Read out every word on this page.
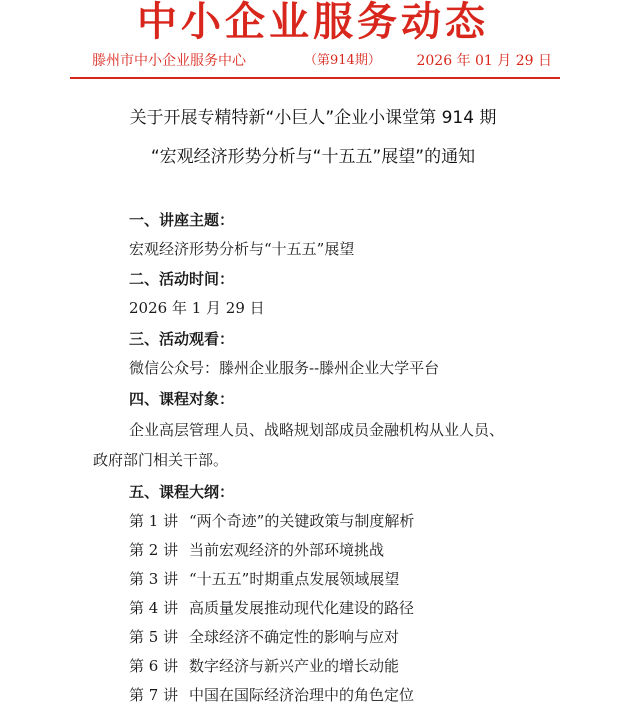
中小企业服务动态
滕州市中小企业服务中心	（第914期）	2026 年 01 月 29 日
关于开展专精特新“小巨人”企业小课堂第 914 期
“宏观经济形势分析与“十五五”展望”的通知
一、讲座主题：
宏观经济形势分析与“十五五”展望
二、活动时间：
2026 年 1 月 29 日
三、活动观看：
微信公众号：滕州企业服务--滕州企业大学平台
四、课程对象：
企业高层管理人员、战略规划部成员金融机构从业人员、
政府部门相关干部。
五、课程大纲：
第 1 讲 “两个奇迹”的关键政策与制度解析
第 2 讲 当前宏观经济的外部环境挑战
第 3 讲 “十五五”时期重点发展领域展望
第 4 讲 高质量发展推动现代化建设的路径
第 5 讲 全球经济不确定性的影响与应对
第 6 讲 数字经济与新兴产业的增长动能
第 7 讲 中国在国际经济治理中的角色定位
